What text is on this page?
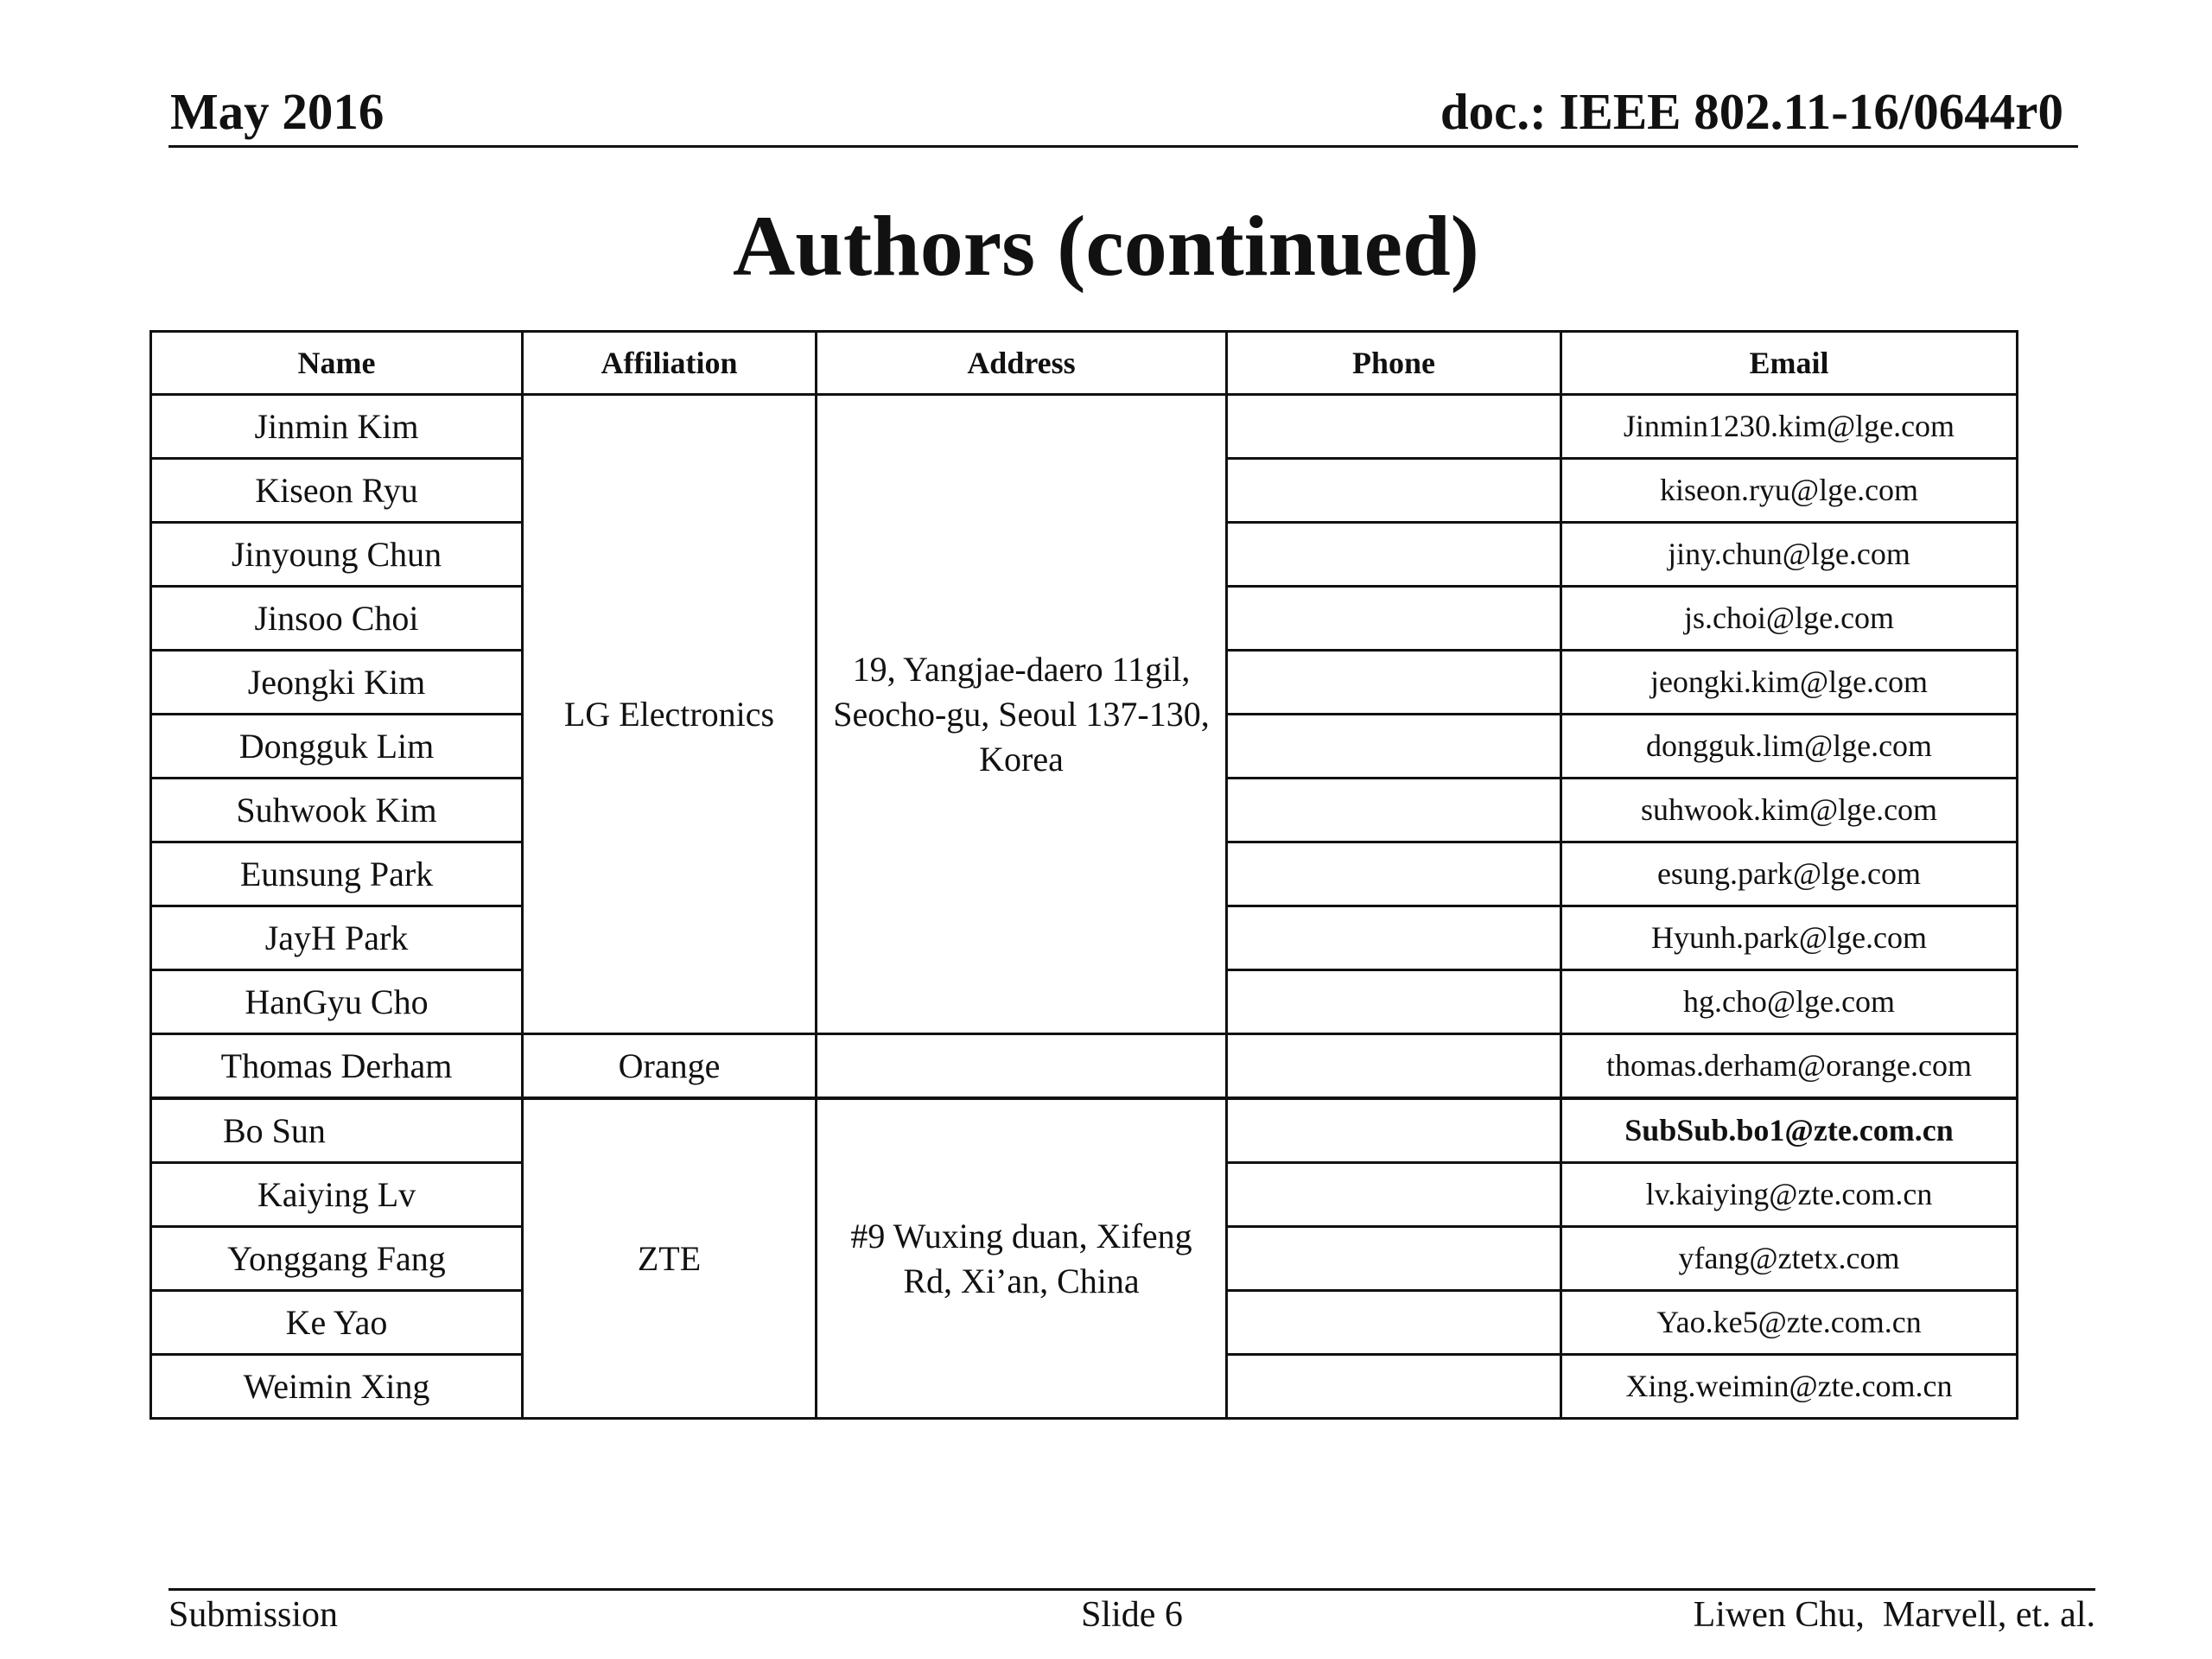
May 2016	doc.: IEEE 802.11-16/0644r0
Authors (continued)
Name	Affiliation	Address	Phone	Email
Jinmin Kim	LG Electronics	19, Yangjae-daero 11gil, Seocho-gu, Seoul 137-130, Korea		Jinmin1230.kim@lge.com
Kiseon Ryu				kiseon.ryu@lge.com
Jinyoung Chun				jiny.chun@lge.com
Jinsoo Choi				js.choi@lge.com
Jeongki Kim				jeongki.kim@lge.com
Dongguk Lim				dongguk.lim@lge.com
Suhwook Kim				suhwook.kim@lge.com
Eunsung Park				esung.park@lge.com
JayH Park				Hyunh.park@lge.com
HanGyu Cho				hg.cho@lge.com
Thomas Derham	Orange			thomas.derham@orange.com
Bo Sun	ZTE	#9 Wuxing duan, Xifeng Rd, Xi’an, China		SubSub.bo1@zte.com.cn
Kaiying Lv				lv.kaiying@zte.com.cn
Yonggang Fang				yfang@ztetx.com
Ke Yao				Yao.ke5@zte.com.cn
Weimin Xing				Xing.weimin@zte.com.cn
Submission	Slide 6	Liwen Chu,  Marvell, et. al.
